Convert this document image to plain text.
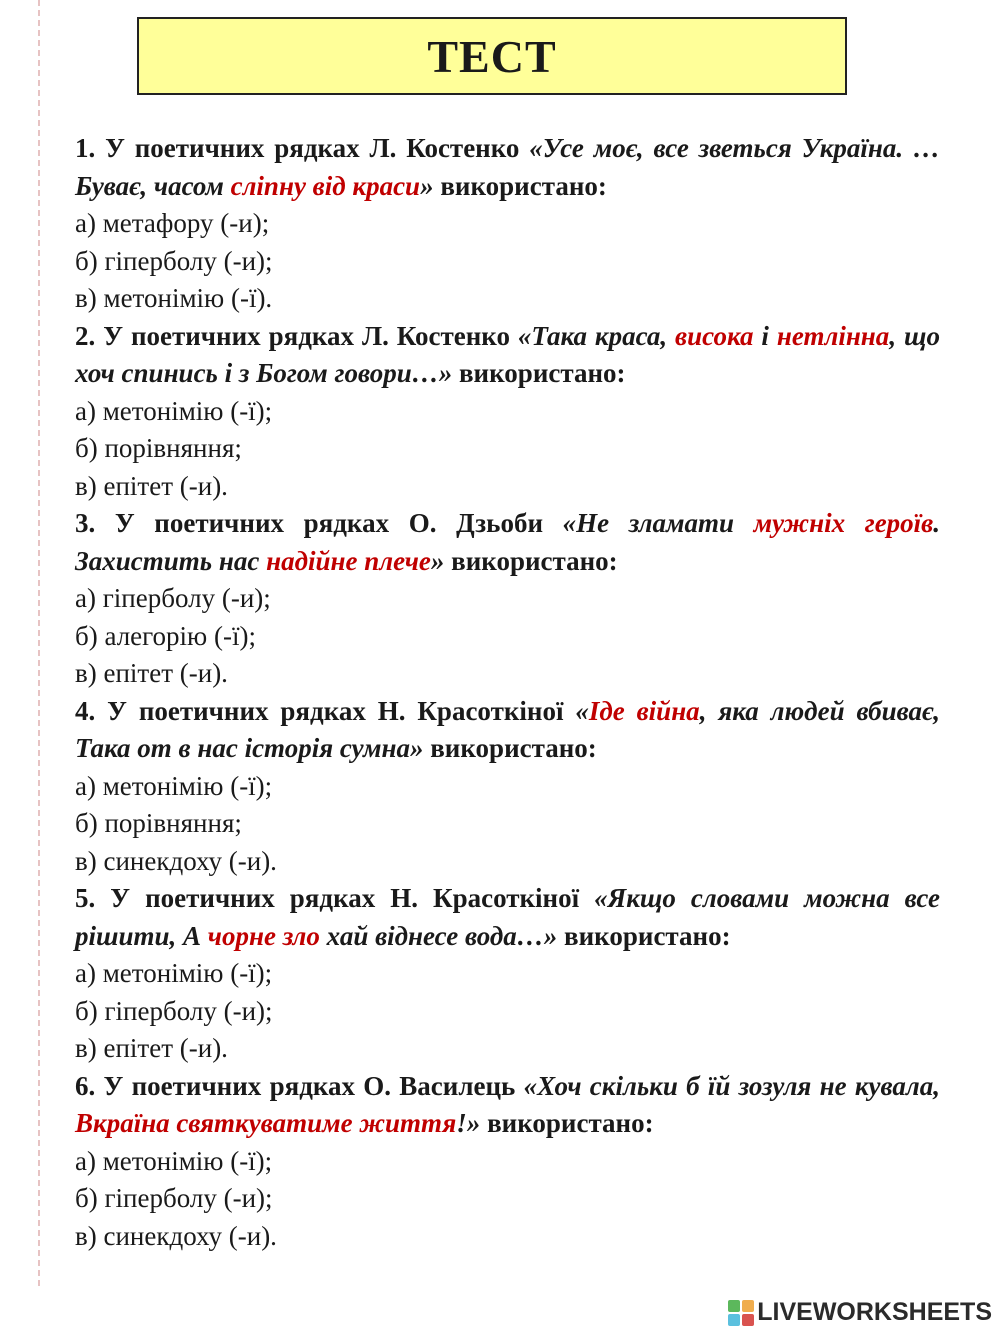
ТЕСТ

1. У поетичних рядках Л. Костенко «Усе моє, все зветься Україна. …Буває, часом сліпну від краси» використано:

а) метафору (-и);

б) гіперболу (-и);

в) метонімію (-ї).

2. У поетичних рядках Л. Костенко «Така краса, висока і нетлінна, що хоч спинись і з Богом говори…» використано:

а) метонімію (-ї);

б) порівняння;

в) епітет (-и).

3. У поетичних рядках О. Дзьоби «Не зламати мужніх героїв. Захистить нас надійне плече» використано:

а) гіперболу (-и);

б) алегорію (-ї);

в) епітет (-и).

4. У поетичних рядках Н. Красоткіної «Іде війна, яка людей вбиває, Така от в нас історія сумна» використано:

а) метонімію (-ї);

б) порівняння;

в) синекдоху (-и).

5. У поетичних рядках Н. Красоткіної «Якщо словами можна все рішити, А чорне зло хай віднесе вода…» використано:

а) метонімію (-ї);

б) гіперболу (-и);

в) епітет (-и).

6. У поетичних рядках О. Василець «Хоч скільки б їй зозуля не кувала, Вкраїна святкуватиме життя!» використано:

а) метонімію (-ї);

б) гіперболу (-и);

в) синекдоху (-и).

LIVEWORKSHEETS
